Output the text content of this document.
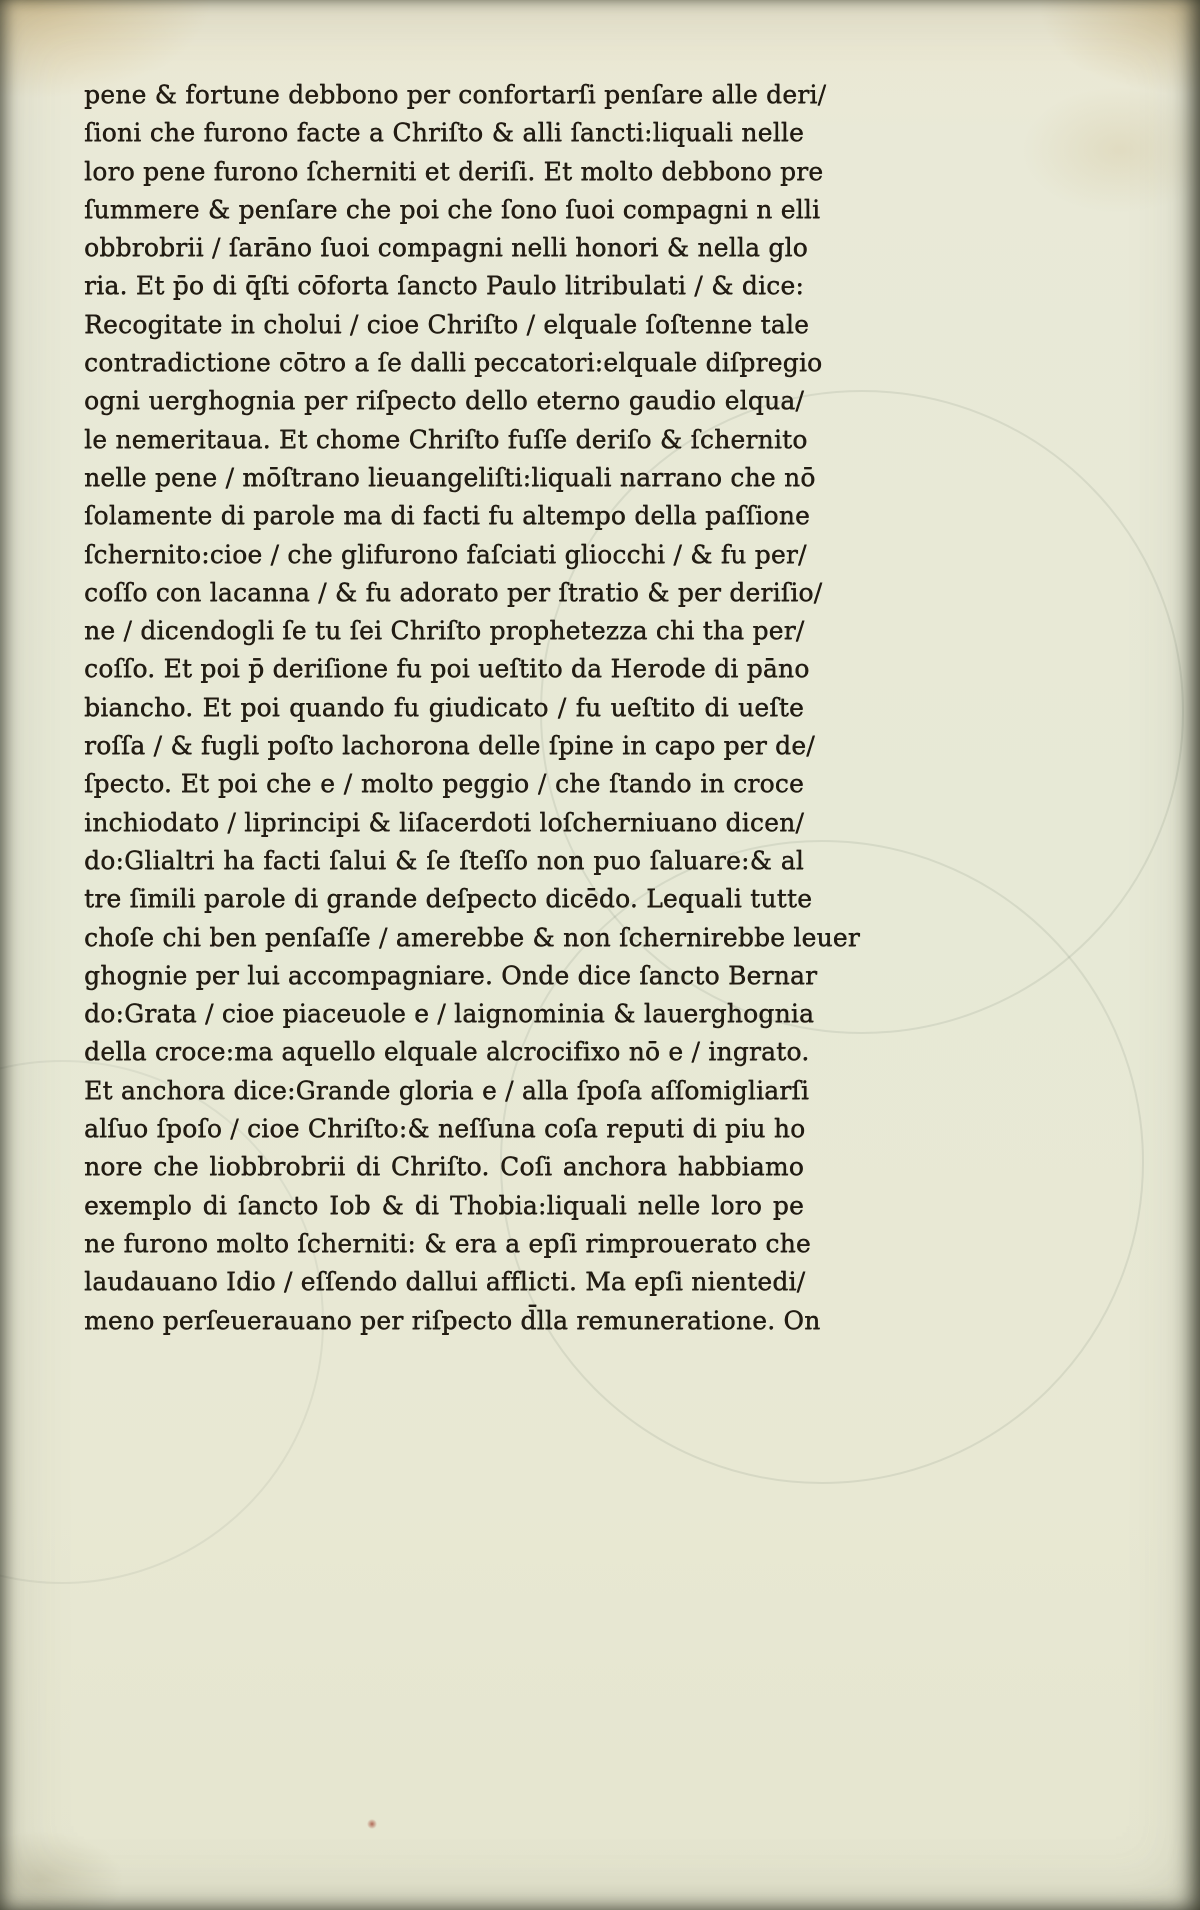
pene & fortune debbono per confortarſi penſare alle deri/
ſioni che furono facte a Chriſto & alli ſancti:liquali nelle
loro pene furono ſcherniti et deriſi. Et molto debbono pre
ſummere & penſare che poi che ſono ſuoi compagni n elli
obbrobrii / ſarāno ſuoi compagni nelli honori & nella glo
ria. Et p̄o di q̄ſti cōforta ſancto Paulo litribulati / & dice:
Recogitate in cholui / cioe Chriſto / elquale ſoſtenne tale
contradictione cōtro a ſe dalli peccatori:elquale diſpregio
ogni uerghognia per riſpecto dello eterno gaudio elqua/
le nemeritaua. Et chome Chriſto fuſſe deriſo & ſchernito
nelle pene / mōſtrano lieuangeliſti:liquali narrano che nō
ſolamente di parole ma di facti fu altempo della paſſione
ſchernito:cioe / che glifurono faſciati gliocchi / & fu per/
coſſo con lacanna / & fu adorato per ſtratio & per deriſio/
ne / dicendogli ſe tu ſei Chriſto prophetezza chi tha per/
coſſo. Et poi p̄ deriſione fu poi ueſtito da Herode di pāno
biancho. Et poi quando fu giudicato / fu ueſtito di ueſte
roſſa / & fugli poſto lachorona delle ſpine in capo per de/
ſpecto. Et poi che e / molto peggio / che ſtando in croce
inchiodato / liprincipi & liſacerdoti loſcherniuano dicen/
do:Glialtri ha facti ſalui & ſe ſteſſo non puo ſaluare:& al
tre ſimili parole di grande deſpecto dicēdo. Lequali tutte
choſe chi ben penſaſſe / amerebbe & non ſchernirebbe leuer
ghognie per lui accompagniare. Onde dice ſancto Bernar
do:Grata / cioe piaceuole e / laignominia & lauerghognia
della croce:ma aquello elquale alcrocifixo nō e / ingrato.
Et anchora dice:Grande gloria e / alla ſpoſa aſſomigliarſi
alſuo ſpoſo / cioe Chriſto:& neſſuna coſa reputi di piu ho
nore che liobbrobrii di Chriſto. Coſi anchora habbiamo
exemplo di ſancto Iob & di Thobia:liquali nelle loro pe
ne furono molto ſcherniti: & era a epſi rimprouerato che
laudauano Idio / eſſendo dallui afflicti. Ma epſi nientedi/
meno perſeuerauano per riſpecto d̄lla remuneratione. On
